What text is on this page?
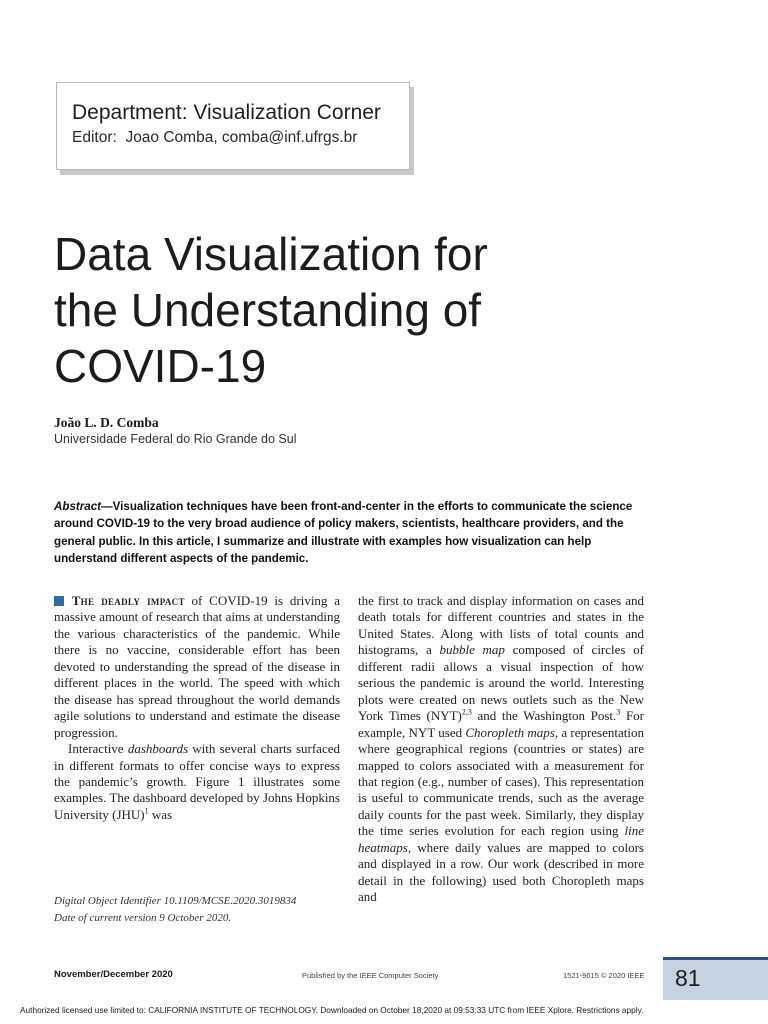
Department: Visualization Corner
Editor: Joao Comba, comba@inf.ufrgs.br
Data Visualization for
the Understanding of
COVID-19
João L. D. Comba
Universidade Federal do Rio Grande do Sul
Abstract—Visualization techniques have been front-and-center in the efforts to communicate the science around COVID-19 to the very broad audience of policy makers, scientists, healthcare providers, and the general public. In this article, I summarize and illustrate with examples how visualization can help understand different aspects of the pandemic.

The deadly impact of COVID-19 is driving a massive amount of research that aims at understanding the various characteristics of the pandemic. While there is no vaccine, considerable effort has been devoted to understanding the spread of the disease in different places in the world. The speed with which the disease has spread throughout the world demands agile solutions to understand and estimate the disease progression.

Interactive dashboards with several charts surfaced in different formats to offer concise ways to express the pandemic’s growth. Figure 1 illustrates some examples. The dashboard developed by Johns Hopkins University (JHU)$^1$ was

the first to track and display information on cases and death totals for different countries and states in the United States. Along with lists of total counts and histograms, a bubble map composed of circles of different radii allows a visual inspection of how serious the pandemic is around the world. Interesting plots were created on news outlets such as the New York Times (NYT)$^{2,3}$ and the Washington Post.$^3$ For example, NYT used Choropleth maps, a representation where geographical regions (countries or states) are mapped to colors associated with a measurement for that region (e.g., number of cases). This representation is useful to communicate trends, such as the average daily counts for the past week. Similarly, they display the time series evolution for each region using line heatmaps, where daily values are mapped to colors and displayed in a row. Our work (described in more detail in the following) used both Choropleth maps and

Digital Object Identifier 10.1109/MCSE.2020.3019834
Date of current version 9 October 2020.
November/December 2020	Published by the IEEE Computer Society	1521-9615 © 2020 IEEE 81
Authorized licensed use limited to: CALIFORNIA INSTITUTE OF TECHNOLOGY. Downloaded on October 18,2020 at 09:53:33 UTC from IEEE Xplore. Restrictions apply.
